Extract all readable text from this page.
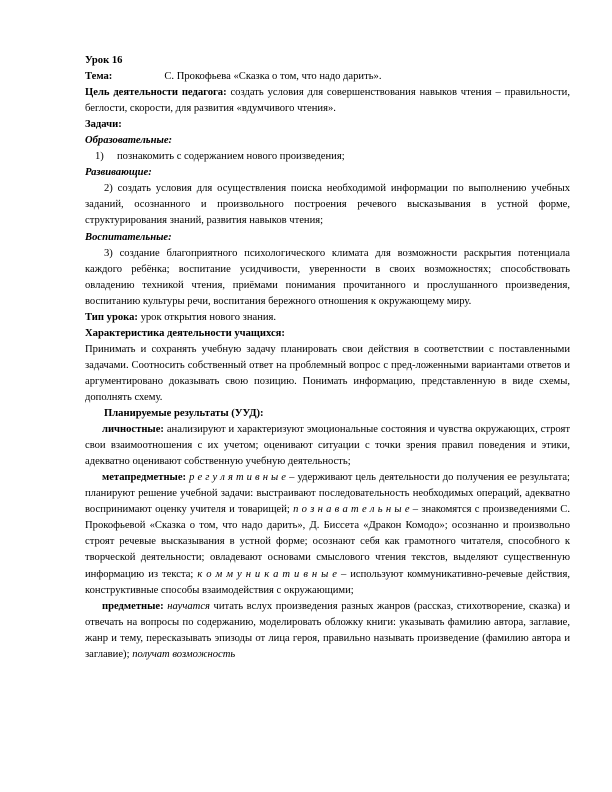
Урок 16

Тема:	С. Прокофьева «Сказка о том, что надо дарить».

Цель деятельности педагога: создать условия для совершенствования навыков чтения – правильности, беглости, скорости, для развития «вдумчивого чтения».

Задачи:

Образовательные:

1) познакомить с содержанием нового произведения;

Развивающие:

2) создать условия для осуществления поиска необходимой информации по выполнению учебных заданий, осознанного и произвольного построения речевого высказывания в устной форме, структурирования знаний, развития навыков чтения;

Воспитательные:

3) создание благоприятного психологического климата для возможности раскрытия потенциала каждого ребёнка; воспитание усидчивости, уверенности в своих возможностях; способствовать овладению техникой чтения, приёмами понимания прочитанного и прослушанного произведения, воспитанию культуры речи, воспитания бережного отношения к окружающему миру.

Тип урока: урок открытия нового знания.

Характеристика деятельности учащихся:

Принимать и сохранять учебную задачу планировать свои действия в соответствии с поставленными задачами. Соотносить собственный ответ на проблемный вопрос с пред-ложенными вариантами ответов и аргументировано доказывать свою позицию. Понимать информацию, представленную в виде схемы, дополнять схему.

Планируемые результаты (УУД):

личностные: анализируют и характеризуют эмоциональные состояния и чувства окружающих, строят свои взаимоотношения с их учетом; оценивают ситуации с точки зрения правил поведения и этики, адекватно оценивают собственную учебную деятельность;

метапредметные: р е г у л я т и в н ы е – удерживают цель деятельности до получения ее результата; планируют решение учебной задачи: выстраивают последовательность необходимых операций, адекватно воспринимают оценку учителя и товарищей; п о з н а в а т е л ь н ы е – знакомятся с произведениями С. Прокофьевой «Сказка о том, что надо дарить», Д. Биссета «Дракон Комодо»; осознанно и произвольно строят речевые высказывания в устной форме; осознают себя как грамотного читателя, способного к творческой деятельности; овладевают основами смыслового чтения текстов, выделяют существенную информацию из текста; к о м м у н и к а т и в н ы е – используют коммуникативно-речевые действия, конструктивные способы взаимодействия с окружающими;

предметные: научатся читать вслух произведения разных жанров (рассказ, стихотворение, сказка) и отвечать на вопросы по содержанию, моделировать обложку книги: указывать фамилию автора, заглавие, жанр и тему, пересказывать эпизоды от лица героя, правильно называть произведение (фамилию автора и заглавие); получат возможность
